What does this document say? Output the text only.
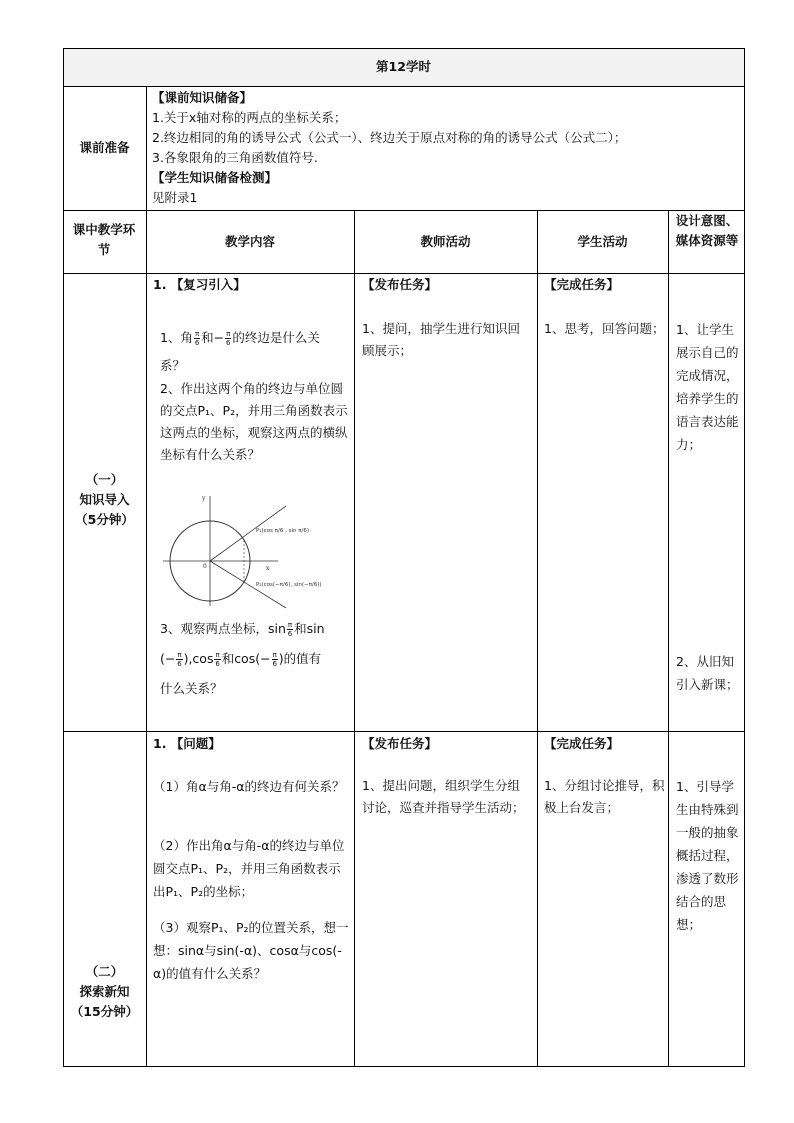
第12学时
课前准备
【课前知识储备】
1.关于x轴对称的两点的坐标关系；
2.终边相同的角的诱导公式（公式一）、终边关于原点对称的角的诱导公式（公式二）；
3.各象限角的三角函数值符号.
【学生知识储备检测】
见附录1
课中教学环节
教学内容	教师活动	学生活动
设计意图、媒体资源等
（一）
知识导入
（5分钟）
1. 【复习引入】
1、角 $\frac{\pi}{6}$ 和− $\frac{\pi}{6}$ 的终边是什么关
系？
2、作出这两个角的终边与单位圆的交点P₁、P₂，并用三角函数表示这两点的坐标，观察这两点的横纵坐标有什么关系？
y
x
0
P₁(cos π/6 , sin π/6)
P₂(cos(−π/6), sin(−π/6))
3、观察两点坐标，$\sin \frac{\pi}{6}$ 和sin
(− $\frac{\pi}{6} ),\cos \frac{\pi}{6}$ 和$\cos(- \frac{\pi}{6}$ )的值有
什么关系？
【发布任务】
1、提问，抽学生进行知识回顾展示；
【完成任务】
1、思考，回答问题； 1、让学生展示自己的完成情况，培养学生的语言表达能力；
2、从旧知引入新课；
（二）
探索新知
（15分钟）
1. 【问题】
（1）角α与角-α的终边有何关系？
（2）作出角α与角-α的终边与单位圆交点P₁、P₂，并用三角函数表示出P₁、P₂的坐标；
（3）观察P₁、P₂的位置关系，想一想：sinα与sin(-α)、cosα与cos(-α)的值有什么关系？
【发布任务】
1、提出问题，组织学生分组讨论，巡查并指导学生活动；
【完成任务】
1、分组讨论推导，积极上台发言；
1、引导学生由特殊到一般的抽象概括过程，渗透了数形结合的思想；
